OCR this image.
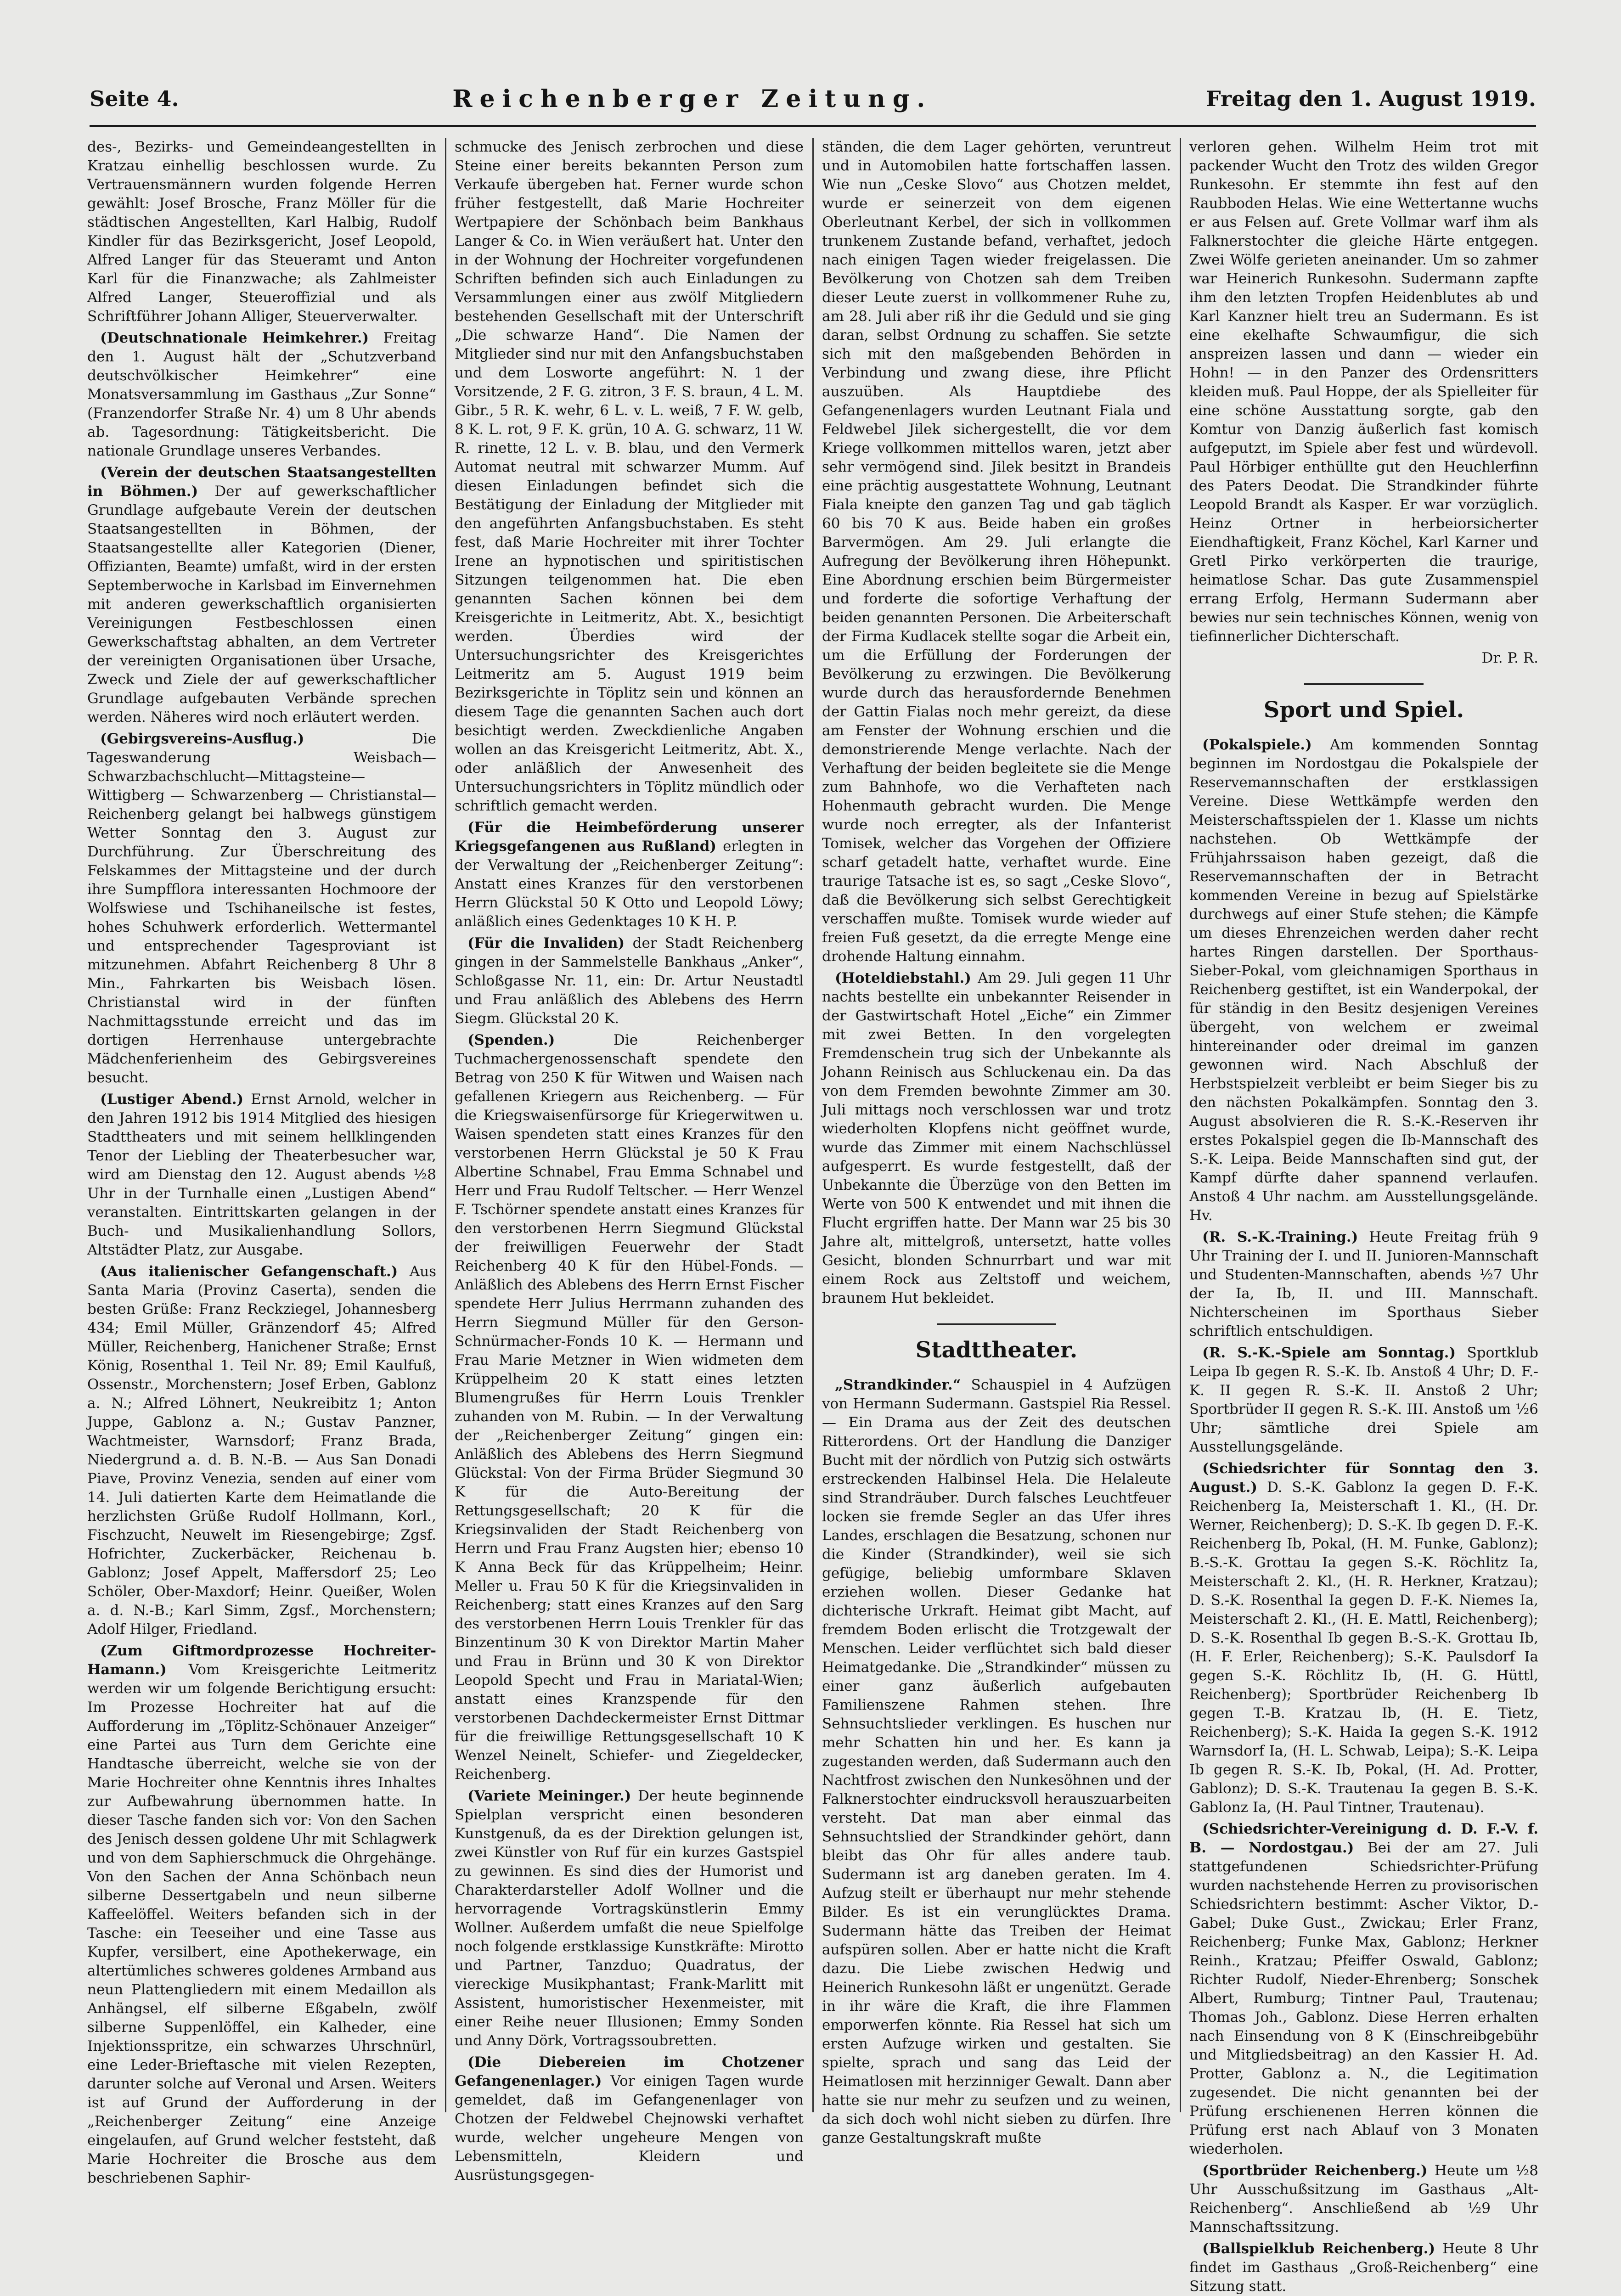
Seite 4.	Reichenberger Zeitung.	Freitag den 1. August 1919.

des-, Bezirks- und Gemeindeangestellten in Kratzau einhellig beschlossen wurde. Zu Vertrauensmännern wurden folgende Herren gewählt: Josef Brosche, Franz Möller für die städtischen Angestellten, Karl Halbig, Rudolf Kindler für das Bezirksgericht, Josef Leopold, Alfred Langer für das Steueramt und Anton Karl für die Finanzwache; als Zahlmeister Alfred Langer, Steueroffizial und als Schriftführer Johann Alliger, Steuerverwalter.

(Deutschnationale Heimkehrer.) Freitag den 1. August hält der „Schutzverband deutschvölkischer Heimkehrer“ eine Monatsversammlung im Gasthaus „Zur Sonne“ (Franzendorfer Straße Nr. 4) um 8 Uhr abends ab. Tagesordnung: Tätigkeitsbericht. Die nationale Grundlage unseres Verbandes.

(Verein der deutschen Staatsangestellten in Böhmen.) Der auf gewerkschaftlicher Grundlage aufgebaute Verein der deutschen Staatsangestellten in Böhmen, der Staatsangestellte aller Kategorien (Diener, Offizianten, Beamte) umfaßt, wird in der ersten Septemberwoche in Karlsbad im Einvernehmen mit anderen gewerkschaftlich organisierten Vereinigungen Festbeschlossen einen Gewerkschaftstag abhalten, an dem Vertreter der vereinigten Organisationen über Ursache, Zweck und Ziele der auf gewerkschaftlicher Grundlage aufgebauten Verbände sprechen werden. Näheres wird noch erläutert werden.

(Gebirgsvereins-Ausflug.)	Die Tageswanderung Weisbach—Schwarzbachschlucht—Mittagsteine—Wittigberg — Schwarzenberg — Christianstal—Reichenberg gelangt bei halbwegs günstigem Wetter Sonntag den 3. August zur Durchführung. Zur Überschreitung des Felskammes der Mittagsteine und der durch ihre Sumpfflora interessanten Hochmoore der Wolfswiese und Tschihaneilsche ist festes, hohes Schuhwerk erforderlich. Wettermantel und entsprechender Tagesproviant ist mitzunehmen. Abfahrt Reichenberg 8 Uhr 8 Min., Fahrkarten bis Weisbach lösen. Christianstal wird in der fünften Nachmittagsstunde erreicht und das im dortigen Herrenhause untergebrachte Mädchenferienheim des Gebirgsvereines besucht.

(Lustiger Abend.) Ernst Arnold, welcher in den Jahren 1912 bis 1914 Mitglied des hiesigen Stadttheaters und mit seinem hellklingenden Tenor der Liebling der Theaterbesucher war, wird am Dienstag den 12. August abends ½8 Uhr in der Turnhalle einen „Lustigen Abend“ veranstalten. Eintrittskarten gelangen in der Buch- und Musikalienhandlung Sollors, Altstädter Platz, zur Ausgabe.

(Aus italienischer Gefangenschaft.) Aus Santa Maria (Provinz Caserta), senden die besten Grüße: Franz Reckziegel, Johannesberg 434; Emil Müller, Gränzendorf 45; Alfred Müller, Reichenberg, Hanichener Straße; Ernst König, Rosenthal 1. Teil Nr. 89; Emil Kaulfuß, Ossenstr., Morchenstern; Josef Erben, Gablonz a. N.; Alfred Löhnert, Neukreibitz 1; Anton Juppe, Gablonz a. N.; Gustav Panzner, Wachtmeister, Warnsdorf; Franz Brada, Niedergrund a. d. B. N.-B. — Aus San Donadi Piave, Provinz Venezia, senden auf einer vom 14. Juli datierten Karte dem Heimatlande die herzlichsten Grüße Rudolf Hollmann, Korl., Fischzucht, Neuwelt im Riesengebirge; Zgsf. Hofrichter, Zuckerbäcker, Reichenau b. Gablonz; Josef Appelt, Maffersdorf 25; Leo Schöler, Ober-Maxdorf; Heinr. Queißer, Wolen a. d. N.-B.; Karl Simm, Zgsf., Morchenstern; Adolf Hilger, Friedland.

(Zum Giftmordprozesse Hochreiter-Hamann.) Vom Kreisgerichte Leitmeritz werden wir um folgende Berichtigung ersucht: Im Prozesse Hochreiter hat auf die Aufforderung im „Töplitz-Schönauer Anzeiger“ eine Partei aus Turn dem Gerichte eine Handtasche überreicht, welche sie von der Marie Hochreiter ohne Kenntnis ihres Inhaltes zur Aufbewahrung übernommen hatte. In dieser Tasche fanden sich vor: Von den Sachen des Jenisch dessen goldene Uhr mit Schlagwerk und von dem Saphierschmuck die Ohrgehänge. Von den Sachen der Anna Schönbach neun silberne Dessertgabeln und neun silberne Kaffeelöffel. Weiters befanden sich in der Tasche: ein Teeseiher und eine Tasse aus Kupfer, versilbert, eine Apothekerwage, ein altertümliches schweres goldenes Armband aus neun Plattengliedern mit einem Medaillon als Anhängsel, elf silberne Eßgabeln, zwölf silberne Suppenlöffel, ein Kalheder, eine Injektionsspritze, ein schwarzes Uhrschnürl, eine Leder-Brieftasche mit vielen Rezepten, darunter solche auf Veronal und Arsen. Weiters ist auf Grund der Aufforderung in der „Reichenberger Zeitung“ eine Anzeige eingelaufen, auf Grund welcher feststeht, daß Marie Hochreiter die Brosche aus dem beschriebenen Saphir-

schmucke des Jenisch zerbrochen und diese Steine einer bereits bekannten Person zum Verkaufe übergeben hat. Ferner wurde schon früher festgestellt, daß Marie Hochreiter Wertpapiere der Schönbach beim Bankhaus Langer & Co. in Wien veräußert hat. Unter den in der Wohnung der Hochreiter vorgefundenen Schriften befinden sich auch Einladungen zu Versammlungen einer aus zwölf Mitgliedern bestehenden Gesellschaft mit der Unterschrift „Die schwarze Hand“. Die Namen der Mitglieder sind nur mit den Anfangsbuchstaben und dem Losworte angeführt: N. 1 der Vorsitzende, 2 F. G. zitron, 3 F. S. braun, 4 L. M. Gibr., 5 R. K. wehr, 6 L. v. L. weiß, 7 F. W. gelb, 8 K. L. rot, 9 F. K. grün, 10 A. G. schwarz, 11 W. R. rinette, 12 L. v. B. blau, und den Vermerk Automat neutral mit schwarzer Mumm. Auf diesen Einladungen befindet sich die Bestätigung der Einladung der Mitglieder mit den angeführten Anfangsbuchstaben. Es steht fest, daß Marie Hochreiter mit ihrer Tochter Irene an hypnotischen und spiritistischen Sitzungen teilgenommen hat. Die eben genannten Sachen können bei dem Kreisgerichte in Leitmeritz, Abt. X., besichtigt werden. Überdies wird der Untersuchungsrichter des Kreisgerichtes Leitmeritz am 5. August 1919 beim Bezirksgerichte in Töplitz sein und können an diesem Tage die genannten Sachen auch dort besichtigt werden. Zweckdienliche Angaben wollen an das Kreisgericht Leitmeritz, Abt. X., oder anläßlich der Anwesenheit des Untersuchungsrichters in Töplitz mündlich oder schriftlich gemacht werden.

(Für die Heimbeförderung unserer Kriegsgefangenen aus Rußland) erlegten in der Verwaltung der „Reichenberger Zeitung“: Anstatt eines Kranzes für den verstorbenen Herrn Glückstal 50 K Otto und Leopold Löwy; anläßlich eines Gedenktages 10 K H. P.

(Für die Invaliden) der Stadt Reichenberg gingen in der Sammelstelle Bankhaus „Anker“, Schloßgasse Nr. 11, ein: Dr. Artur Neustadtl und Frau anläßlich des Ablebens des Herrn Siegm. Glückstal 20 K.

(Spenden.)	Die Reichenberger Tuchmachergenossenschaft spendete den Betrag von 250 K für Witwen und Waisen nach gefallenen Kriegern aus Reichenberg. — Für die Kriegswaisenfürsorge für Kriegerwitwen u. Waisen spendeten statt eines Kranzes für den verstorbenen Herrn Glückstal je 50 K Frau Albertine Schnabel, Frau Emma Schnabel und Herr und Frau Rudolf Teltscher. — Herr Wenzel F. Tschörner spendete anstatt eines Kranzes für den verstorbenen Herrn Siegmund Glückstal der freiwilligen Feuerwehr der Stadt Reichenberg 40 K für den Hübel-Fonds. — Anläßlich des Ablebens des Herrn Ernst Fischer spendete Herr Julius Herrmann zuhanden des Herrn Siegmund Müller für den Gerson-Schnürmacher-Fonds 10 K. — Hermann und Frau Marie Metzner in Wien widmeten dem Krüppelheim 20 K statt eines letzten Blumengrußes für Herrn Louis Trenkler zuhanden von M. Rubin. — In der Verwaltung der „Reichenberger Zeitung“ gingen ein: Anläßlich des Ablebens des Herrn Siegmund Glückstal: Von der Firma Brüder Siegmund 30 K für die Auto-Bereitung der Rettungsgesellschaft; 20 K für die Kriegsinvaliden der Stadt Reichenberg von Herrn und Frau Franz Augsten hier; ebenso 10 K Anna Beck für das Krüppelheim; Heinr. Meller u. Frau 50 K für die Kriegsinvaliden in Reichenberg; statt eines Kranzes auf den Sarg des verstorbenen Herrn Louis Trenkler für das Binzentinum 30 K von Direktor Martin Maher und Frau in Brünn und 30 K von Direktor Leopold Specht und Frau in Mariatal-Wien; anstatt eines Kranzspende für den verstorbenen Dachdeckermeister Ernst Dittmar für die freiwillige Rettungsgesellschaft 10 K Wenzel Neinelt, Schiefer- und Ziegeldecker, Reichenberg.

(Variete Meininger.) Der heute beginnende Spielplan verspricht einen besonderen Kunstgenuß, da es der Direktion gelungen ist, zwei Künstler von Ruf für ein kurzes Gastspiel zu gewinnen. Es sind dies der Humorist und Charakterdarsteller Adolf Wollner und die hervorragende Vortragskünstlerin Emmy Wollner. Außerdem umfaßt die neue Spielfolge noch folgende erstklassige Kunstkräfte: Mirotto und Partner, Tanzduo; Quadratus, der viereckige Musikphantast; Frank-Marlitt mit Assistent, humoristischer Hexenmeister, mit einer Reihe neuer Illusionen; Emmy Sonden und Anny Dörk, Vortragssoubretten.

(Die Diebereien im Chotzener Gefangenenlager.) Vor einigen Tagen wurde gemeldet, daß im Gefangenenlager von Chotzen der Feldwebel Chejnowski verhaftet wurde, welcher ungeheure Mengen von Lebensmitteln, Kleidern und Ausrüstungsgegen-

ständen, die dem Lager gehörten, veruntreut und in Automobilen hatte fortschaffen lassen. Wie nun „Ceske Slovo“ aus Chotzen meldet, wurde er seinerzeit von dem eigenen Oberleutnant Kerbel, der sich in vollkommen trunkenem Zustande befand, verhaftet, jedoch nach einigen Tagen wieder freigelassen. Die Bevölkerung von Chotzen sah dem Treiben dieser Leute zuerst in vollkommener Ruhe zu, am 28. Juli aber riß ihr die Geduld und sie ging daran, selbst Ordnung zu schaffen. Sie setzte sich mit den maßgebenden Behörden in Verbindung und zwang diese, ihre Pflicht auszuüben. Als Hauptdiebe des Gefangenenlagers wurden Leutnant Fiala und Feldwebel Jilek sichergestellt, die vor dem Kriege vollkommen mittellos waren, jetzt aber sehr vermögend sind. Jilek besitzt in Brandeis eine prächtig ausgestattete Wohnung, Leutnant Fiala kneipte den ganzen Tag und gab täglich 60 bis 70 K aus. Beide haben ein großes Barvermögen. Am 29. Juli erlangte die Aufregung der Bevölkerung ihren Höhepunkt. Eine Abordnung erschien beim Bürgermeister und forderte die sofortige Verhaftung der beiden genannten Personen. Die Arbeiterschaft der Firma Kudlacek stellte sogar die Arbeit ein, um die Erfüllung der Forderungen der Bevölkerung zu erzwingen. Die Bevölkerung wurde durch das herausfordernde Benehmen der Gattin Fialas noch mehr gereizt, da diese am Fenster der Wohnung erschien und die demonstrierende Menge verlachte. Nach der Verhaftung der beiden begleitete sie die Menge zum Bahnhofe, wo die Verhafteten nach Hohenmauth gebracht wurden. Die Menge wurde noch erregter, als der Infanterist Tomisek, welcher das Vorgehen der Offiziere scharf getadelt hatte, verhaftet wurde. Eine traurige Tatsache ist es, so sagt „Ceske Slovo“, daß die Bevölkerung sich selbst Gerechtigkeit verschaffen mußte. Tomisek wurde wieder auf freien Fuß gesetzt, da die erregte Menge eine drohende Haltung einnahm.

(Hoteldiebstahl.) Am 29. Juli gegen 11 Uhr nachts bestellte ein unbekannter Reisender in der Gastwirtschaft Hotel „Eiche“ ein Zimmer mit zwei Betten. In den vorgelegten Fremdenschein trug sich der Unbekannte als Johann Reinisch aus Schluckenau ein. Da das von dem Fremden bewohnte Zimmer am 30. Juli mittags noch verschlossen war und trotz wiederholten Klopfens nicht geöffnet wurde, wurde das Zimmer mit einem Nachschlüssel aufgesperrt. Es wurde festgestellt, daß der Unbekannte die Überzüge von den Betten im Werte von 500 K entwendet und mit ihnen die Flucht ergriffen hatte. Der Mann war 25 bis 30 Jahre alt, mittelgroß, untersetzt, hatte volles Gesicht, blonden Schnurrbart und war mit einem Rock aus Zeltstoff und weichem, braunem Hut bekleidet.

Stadttheater.

„Strandkinder.“ Schauspiel in 4 Aufzügen von Hermann Sudermann. Gastspiel Ria Ressel. — Ein Drama aus der Zeit des deutschen Ritterordens. Ort der Handlung die Danziger Bucht mit der nördlich von Putzig sich ostwärts erstreckenden Halbinsel Hela. Die Helaleute sind Strandräuber. Durch falsches Leuchtfeuer locken sie fremde Segler an das Ufer ihres Landes, erschlagen die Besatzung, schonen nur die Kinder (Strandkinder), weil sie sich gefügige, beliebig umformbare Sklaven erziehen wollen. Dieser Gedanke hat dichterische Urkraft. Heimat gibt Macht, auf fremdem Boden erlischt die Trotzgewalt der Menschen. Leider verflüchtet sich bald dieser Heimatgedanke. Die „Strandkinder“ müssen zu einer ganz äußerlich aufgebauten Familienszene Rahmen stehen. Ihre Sehnsuchtslieder verklingen. Es huschen nur mehr Schatten hin und her. Es kann ja zugestanden werden, daß Sudermann auch den Nachtfrost zwischen den Nunkesöhnen und der Falknerstochter eindrucksvoll herauszuarbeiten versteht. Dat man aber einmal das Sehnsuchtslied der Strandkinder gehört, dann bleibt das Ohr für alles andere taub. Sudermann ist arg daneben geraten. Im 4. Aufzug steilt er überhaupt nur mehr stehende Bilder. Es ist ein verunglücktes Drama. Sudermann hätte das Treiben der Heimat aufspüren sollen. Aber er hatte nicht die Kraft dazu. Die Liebe zwischen Hedwig und Heinerich Runkesohn läßt er ungenützt. Gerade in ihr wäre die Kraft, die ihre Flammen emporwerfen könnte. Ria Ressel hat sich um ersten Aufzuge wirken und gestalten. Sie spielte, sprach und sang das Leid der Heimatlosen mit herzinniger Gewalt. Dann aber hatte sie nur mehr zu seufzen und zu weinen, da sich doch wohl nicht sieben zu dürfen. Ihre ganze Gestaltungskraft mußte

verloren gehen. Wilhelm Heim trot mit packender Wucht den Trotz des wilden Gregor Runkesohn. Er stemmte ihn fest auf den Raubboden Helas. Wie eine Wettertanne wuchs er aus Felsen auf. Grete Vollmar warf ihm als Falknerstochter die gleiche Härte entgegen. Zwei Wölfe gerieten aneinander. Um so zahmer war Heinerich Runkesohn. Sudermann zapfte ihm den letzten Tropfen Heidenblutes ab und Karl Kanzner hielt treu an Sudermann. Es ist eine ekelhafte Schwaumfigur, die sich anspreizen lassen und dann — wieder ein Hohn! — in den Panzer des Ordensritters kleiden muß. Paul Hoppe, der als Spielleiter für eine schöne Ausstattung sorgte, gab den Komtur von Danzig äußerlich fast komisch aufgeputzt, im Spiele aber fest und würdevoll. Paul Hörbiger enthüllte gut den Heuchlerfinn des Paters Deodat. Die Strandkinder führte Leopold Brandt als Kasper. Er war vorzüglich. Heinz Ortner in herbeiorsicherter Eiendhaftigkeit, Franz Köchel, Karl Karner und Gretl Pirko verkörperten die traurige, heimatlose Schar. Das gute Zusammenspiel errang Erfolg, Hermann Sudermann aber bewies nur sein technisches Können, wenig von tiefinnerlicher Dichterschaft.

Dr. P. R.

Sport und Spiel.

(Pokalspiele.) Am kommenden Sonntag beginnen im Nordostgau die Pokalspiele der Reservemannschaften der erstklassigen Vereine. Diese Wettkämpfe werden den Meisterschaftsspielen der 1. Klasse um nichts nachstehen. Ob Wettkämpfe der Frühjahrssaison haben gezeigt, daß die Reservemannschaften der in Betracht kommenden Vereine in bezug auf Spielstärke durchwegs auf einer Stufe stehen; die Kämpfe um dieses Ehrenzeichen werden daher recht hartes Ringen darstellen. Der Sporthaus-Sieber-Pokal, vom gleichnamigen Sporthaus in Reichenberg gestiftet, ist ein Wanderpokal, der für ständig in den Besitz desjenigen Vereines übergeht, von welchem er zweimal hintereinander oder dreimal im ganzen gewonnen wird. Nach Abschluß der Herbstspielzeit verbleibt er beim Sieger bis zu den nächsten Pokalkämpfen. Sonntag den 3. August absolvieren die R. S.-K.-Reserven ihr erstes Pokalspiel gegen die Ib-Mannschaft des S.-K. Leipa. Beide Mannschaften sind gut, der Kampf dürfte daher spannend verlaufen. Anstoß 4 Uhr nachm. am Ausstellungsgelände. Hv.

(R. S.-K.-Training.) Heute Freitag früh 9 Uhr Training der I. und II. Junioren-Mannschaft und Studenten-Mannschaften, abends ½7 Uhr der Ia, Ib, II. und III. Mannschaft. Nichterscheinen im Sporthaus Sieber schriftlich entschuldigen.

(R. S.-K.-Spiele am Sonntag.) Sportklub Leipa Ib gegen R. S.-K. Ib. Anstoß 4 Uhr; D. F.-K. II gegen R. S.-K. II. Anstoß 2 Uhr; Sportbrüder II gegen R. S.-K. III. Anstoß um ½6 Uhr; sämtliche drei Spiele am Ausstellungsgelände.

(Schiedsrichter für Sonntag den 3. August.) D. S.-K. Gablonz Ia gegen D. F.-K. Reichenberg Ia, Meisterschaft 1. Kl., (H. Dr. Werner, Reichenberg); D. S.-K. Ib gegen D. F.-K. Reichenberg Ib, Pokal, (H. M. Funke, Gablonz); B.-S.-K. Grottau Ia gegen S.-K. Röchlitz Ia, Meisterschaft 2. Kl., (H. R. Herkner, Kratzau); D. S.-K. Rosenthal Ia gegen D. F.-K. Niemes Ia, Meisterschaft 2. Kl., (H. E. Mattl, Reichenberg); D. S.-K. Rosenthal Ib gegen B.-S.-K. Grottau Ib, (H. F. Erler, Reichenberg); S.-K. Paulsdorf Ia gegen S.-K. Röchlitz Ib, (H. G. Hüttl, Reichenberg); Sportbrüder Reichenberg Ib gegen T.-B. Kratzau Ib, (H. E. Tietz, Reichenberg); S.-K. Haida Ia gegen S.-K. 1912 Warnsdorf Ia, (H. L. Schwab, Leipa); S.-K. Leipa Ib gegen R. S.-K. Ib, Pokal, (H. Ad. Protter, Gablonz); D. S.-K. Trautenau Ia gegen B. S.-K. Gablonz Ia, (H. Paul Tintner, Trautenau).

(Schiedsrichter-Vereinigung d. D. F.-V. f. B. — Nordostgau.) Bei der am 27. Juli stattgefundenen Schiedsrichter-Prüfung wurden nachstehende Herren zu provisorischen Schiedsrichtern bestimmt: Ascher Viktor, D.-Gabel; Duke Gust., Zwickau; Erler Franz, Reichenberg; Funke Max, Gablonz; Herkner Reinh., Kratzau; Pfeiffer Oswald, Gablonz; Richter Rudolf, Nieder-Ehrenberg; Sonschek Albert, Rumburg; Tintner Paul, Trautenau; Thomas Joh., Gablonz. Diese Herren erhalten nach Einsendung von 8 K (Einschreibgebühr und Mitgliedsbeitrag) an den Kassier H. Ad. Protter, Gablonz a. N., die Legitimation zugesendet. Die nicht genannten bei der Prüfung erschienenen Herren können die Prüfung erst nach Ablauf von 3 Monaten wiederholen.

(Sportbrüder Reichenberg.) Heute um ½8 Uhr Ausschußsitzung im Gasthaus „Alt-Reichenberg“. Anschließend ab ½9 Uhr Mannschaftssitzung.

(Ballspielklub Reichenberg.) Heute 8 Uhr findet im Gasthaus „Groß-Reichenberg“ eine Sitzung statt.
